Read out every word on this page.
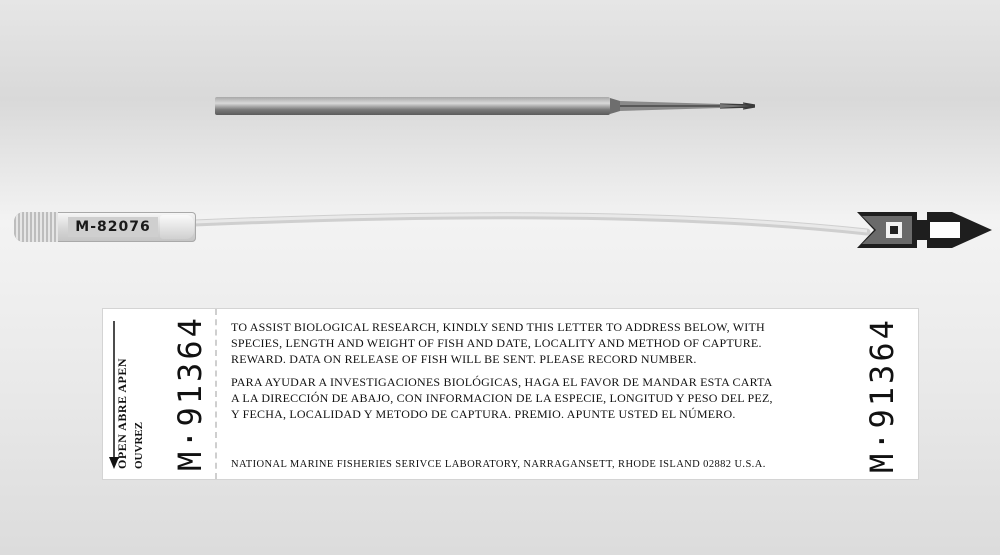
M-82076
OPEN ABRE APEN OUVREZ M·91364 TO ASSIST BIOLOGICAL RESEARCH, KINDLY SEND THIS LETTER TO ADDRESS BELOW, WITH

SPECIES, LENGTH AND WEIGHT OF FISH AND DATE, LOCALITY AND METHOD OF CAPTURE.

REWARD. DATA ON RELEASE OF FISH WILL BE SENT. PLEASE RECORD NUMBER.

PARA AYUDAR A INVESTIGACIONES BIOLÓGICAS, HAGA EL FAVOR DE MANDAR ESTA CARTA

A LA DIRECCIÓN DE ABAJO, CON INFORMACION DE LA ESPECIE, LONGITUD Y PESO DEL PEZ,

Y FECHA, LOCALIDAD Y METODO DE CAPTURA. PREMIO. APUNTE USTED EL NÚMERO.

NATIONAL MARINE FISHERIES SERIVCE LABORATORY, NARRAGANSETT, RHODE ISLAND 02882 U.S.A.	M·91364
